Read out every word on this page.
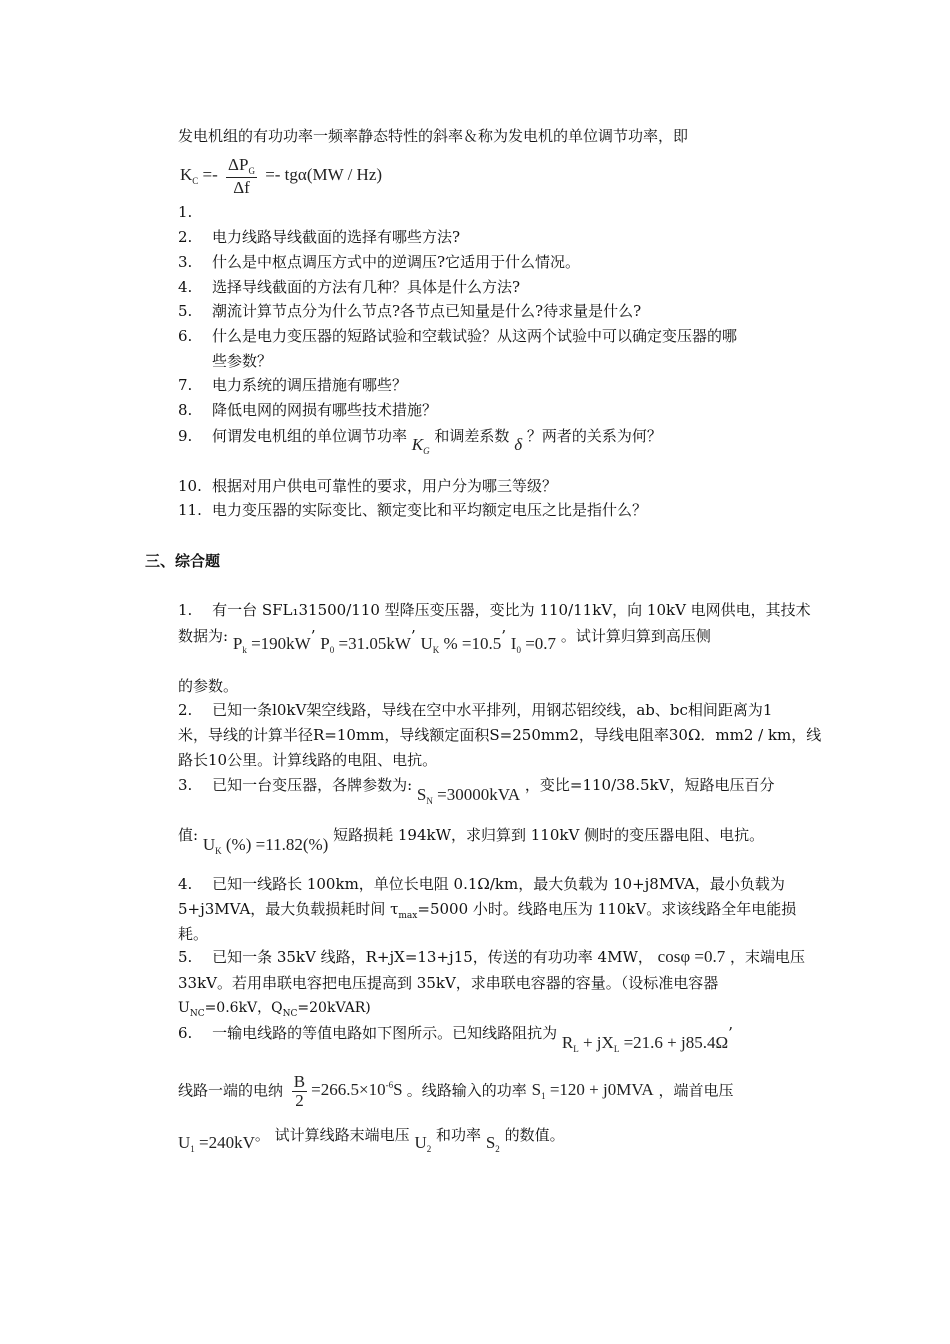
发电机组的有功功率一频率静态特性的斜率＆称为发电机的单位调节功率，即
$K_C =- \frac{\Delta P_G}{\Delta f} =- tg\alpha(MW / Hz)$
1.
2. 电力线路导线截面的选择有哪些方法?
3. 什么是中枢点调压方式中的逆调压?它适用于什么情况。
4. 选择导线截面的方法有几种？具体是什么方法?
5. 潮流计算节点分为什么节点?各节点已知量是什么?待求量是什么?
6. 什么是电力变压器的短路试验和空载试验？从这两个试验中可以确定变压器的哪
些参数？
7. 电力系统的调压措施有哪些？
8. 降低电网的网损有哪些技术措施？
9. 何谓发电机组的单位调节功率 $K_G$ 和调差系数 δ ？两者的关系为何？
10. 根据对用户供电可靠性的要求，用户分为哪三等级？
11. 电力变压器的实际变比、额定变比和平均额定电压之比是指什么？
三、综合题
1.　 有一台 SFL₁31500/110 型降压变压器，变比为 110/11kV，向 10kV 电网供电，其技术
数据为: $P_k =190kW$’ $P_0 =31.05kW$’ $U_K$ % =10.5’ $I_0 =0.7$ 。试计算归算到高压侧
的参数。
2.　 已知一条l0kV架空线路，导线在空中水平排列，用钢芯铝绞线，ab、bc相间距离为1
米，导线的计算半径R=10mm，导线额定面积S=250mm2，导线电阻率30Ω．mm2 / km，线
路长10公里。计算线路的电阻、电抗。
3.　 已知一台变压器，各牌参数为: $S_N =30000kVA$ ，变比=110/38.5kV，短路电压百分
值: $U_K$ (%) =11.82(%) 短路损耗 194kW，求归算到 110kV 侧时的变压器电阻、电抗。
4.　 已知一线路长 100km，单位长电阻 0.1Ω/km，最大负载为 10+j8MVA，最小负载为
5+j3MVA，最大负载损耗时间 $\tau_{max}=5000$ 小时。线路电压为 110kV。求该线路全年电能损
耗。
5.　 已知一条 35kV 线路，R+jX=13+j15，传送的有功功率 4MW， cosφ =0.7 ，末端电压
33kV。若用串联电容把电压提高到 35kV，求串联电容器的容量。（设标准电容器
$U_{NC}=0.6kV$，$Q_{NC}=20kVAR$)
6.　 一输电线路的等值电路如下图所示。已知线路阻抗为 $R_L + jX_L =21.6 + j85.4\Omega$’
线路一端的电纳 $\frac{B}{2} =266.5\times 10^{-6}S$ 。线路输入的功率 $S_1 =120 + j0MVA$ ，端首电压
$U_1 =240kV$。 试计算线路末端电压 $U_2$ 和功率 $S_2$ 的数值。
